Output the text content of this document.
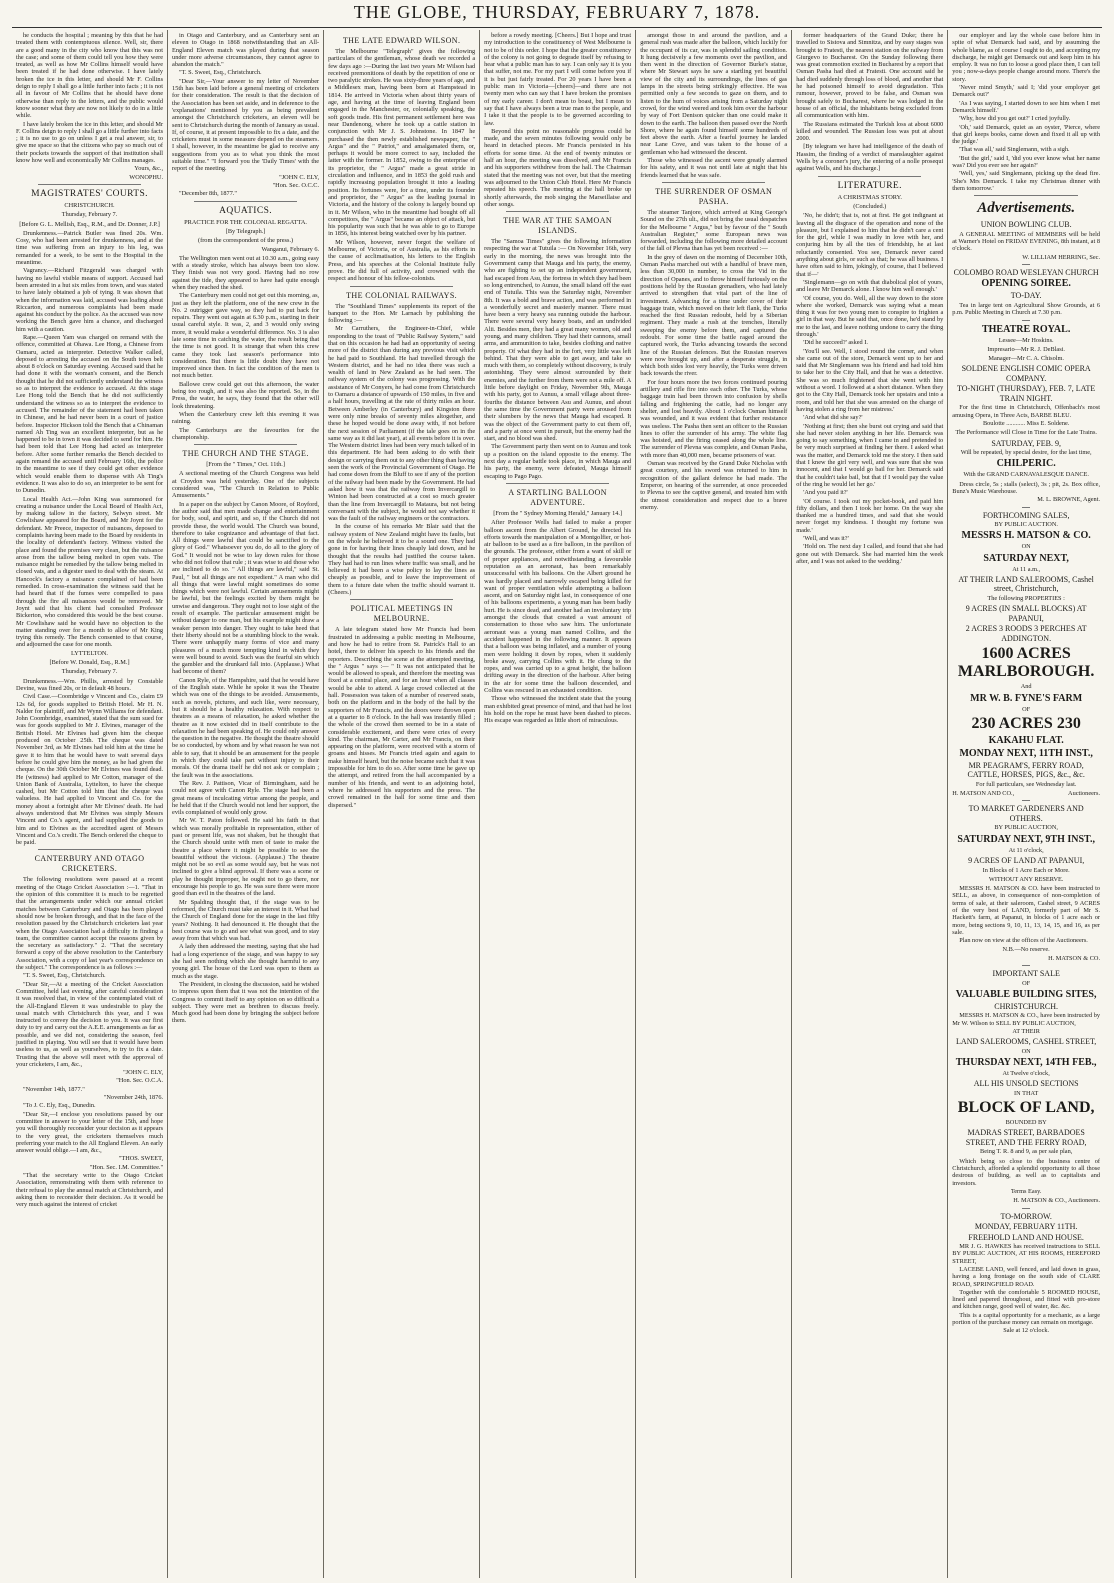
THE GLOBE, THURSDAY, FEBRUARY 7, 1878.

he conducts the hospital ; meaning by this that he had treated them with contemptuous silence. Well, sir, there are a good many in the city who know that this was not the case; and some of them could tell you how they were treated, as well as how Mr Collins himself would have been treated if he had done otherwise. I have lately broken the ice in this letter, and should Mr F. Collins deign to reply I shall go a little further into facts ; it is not all in favour of Mr Collins that he should have done otherwise than reply to the letters, and the public would know sooner what they are now not likely to do in a little while.

I have lately broken the ice in this letter, and should Mr F. Collins deign to reply I shall go a little further into facts ; it is no use to go on unless I get a real answer, sir, to give me space so that the citizens who pay so much out of their pockets towards the support of that institution shall know how well and economically Mr Collins manages.

Yours, &c.,

WONOPHU.

MAGISTRATES' COURTS.
CHRISTCHURCH.
Thursday, February 7.
[Before G. L. Mellish, Esq., R.M., and Dr. Donner, J.P.]

Drunkenness.—Patrick Butler was fined 20s. Wm. Cosy, who had been arrested for drunkenness, and at the time was suffering from an injury to his leg, was remanded for a week, to be sent to the Hospital in the meantime.

Vagrancy.—Richard Fitzgerald was charged with having no lawful visible means of support. Accused had been arrested in a hut six miles from town, and was stated to have lately obtained a job of tying. It was shown that when the information was laid, accused was loafing about Riccarton, and numerous complaints had been made against his conduct by the police. As the accused was now working the Bench gave him a chance, and discharged him with a caution.

Rape.—Queen Yam was charged on remand with the offence, committed at Ohawa. Lee Hong, a Chinese from Oamaru, acted as interpreter. Detective Walker called, deposed to arresting the accused on the South town belt about 8 o'clock on Saturday evening. Accused said that he had done it with the woman's consent, and the Bench thought that he did not sufficiently understand the witness so as to interpret the evidence to accused. At this stage Lee Hong told the Bench that he did not sufficiently understand the witness so as to interpret the evidence to accused. The remainder of the statement had been taken in Chinese, and he had never been in a court of justice before. Inspector Hickson told the Bench that a Chinaman named Ah Ting was an excellent interpreter, but as he happened to be in town it was decided to send for him. He had been told that Lee Hong had acted as interpreter before. After some further remarks the Bench decided to again remand the accused until February 16th, the police in the meantime to see if they could get other evidence which would enable them to dispense with Ah Ting's evidence. It was also to do so, an interpreter to be sent for to Dunedin.

Local Health Act.—John King was summoned for creating a nuisance under the Local Board of Health Act, by making tallow in the factory, Selwyn street. Mr Cowlishaw appeared for the Board, and Mr Joynt for the defendant. Mr Preece, inspector of nuisances, deposed to complaints having been made to the Board by residents in the locality of defendant's factory. Witness visited the place and found the premises very clean, but the nuisance arose from the tallow being melted in open vats. The nuisance might be remedied by the tallow being melted in closed vats, and a digester used to deal with the steam. At Hancock's factory a nuisance complained of had been remedied. In cross-examination the witness said that he had heard that if the fumes were compelled to pass through the fire all nuisances would be removed. Mr Joynt said that his client had consulted Professor Bickerton, who considered this would be the best course. Mr Cowlishaw said he would have no objection to the matter standing over for a month to allow of Mr King trying this remedy. The Bench consented to that course, and adjourned the case for one month.

LYTTELTON.
[Before W. Donald, Esq., R.M.]
Thursday, February 7.

Drunkenness.—Wm. Phillis, arrested by Constable Devine, was fined 20s, or in default 48 hours.

Civil Case.—Coombridge v Vincent and Co., claim £9 12s 6d, for goods supplied to British Hotel. Mr H. N. Nalder for plaintiff, and Mr Wynn Williams for defendant. John Coombridge, examined, stated that the sum sued for was for goods supplied to Mr J. Elvines, manager of the British Hotel. Mr Elvines had given him the cheque produced on October 25th. The cheque was dated November 3rd, as Mr Elvines had told him at the time he gave it to him that he would have to wait several days before he could give him the money, as he had given the cheque. On the 30th October Mr Elvines was found dead. He (witness) had applied to Mr Cotton, manager of the Union Bank of Australia, Lyttelton, to have the cheque cashed, but Mr Cotton told him that the cheque was valueless. He had applied to Vincent and Co. for the money about a fortnight after Mr Elvines' death. He had always understood that Mr Elvines was simply Messrs Vincent and Co.'s agent, and had supplied the goods to him and to Elvines as the accredited agent of Messrs Vincent and Co.'s credit. The Bench ordered the cheque to be paid.

CANTERBURY AND OTAGO CRICKETERS.

The following resolutions were passed at a recent meeting of the Otago Cricket Association :—1. "That in the opinion of this committee it is much to be regretted that the arrangements under which our annual cricket matches between Canterbury and Otago has been played should now be broken through, and that in the face of the resolution passed by the Christchurch cricketers last year when the Otago Association had a difficulty in finding a team, the committee cannot accept the reasons given by the secretary as satisfactory." 2. "That the secretary forward a copy of the above resolution to the Canterbury Association, with a copy of last year's correspondence on the subject." The correspondence is as follows :—

"T. S. Sweet, Esq., Christchurch.

"Dear Sir,—At a meeting of the Cricket Association Committee, held last evening, after careful consideration it was resolved that, in view of the contemplated visit of the All-England Eleven it was undesirable to play the usual match with Christchurch this year, and I was instructed to convey the decision to you. It was our first duty to try and carry out the A.E.E. arrangements as far as possible, and we did not, considering the season, feel justified in playing. You will see that it would have been useless to us, as well as yourselves, to try to fix a date. Trusting that the above will meet with the approval of your cricketers, I am, &c.,

"JOHN C. ELY,

"Hon. Sec. O.C.A.

"November 14th, 1877."

"November 24th, 1876.

"To J. C. Ely, Esq., Dunedin.

"Dear Sir,—I enclose you resolutions passed by our committee in answer to your letter of the 15th, and hope you will thoroughly reconsider your decision as it appears to the very great, the cricketers themselves much preferring your match to the All England Eleven. An early answer would oblige.—I am, &c.,

"THOS. SWEET,

"Hon. Sec. I.M. Committee."

"That the secretary write to the Otago Cricket Association, remonstrating with them with reference to their refusal to play the annual match at Christchurch, and asking them to reconsider their decision. As it would be very much against the interest of cricket

in Otago and Canterbury, and as Canterbury sent an eleven to Otago in 1868 notwithstanding that an All-England Eleven match was played during that season under more adverse circumstances, they cannot agree to abandon the match."

"T. S. Sweet, Esq., Christchurch.

"Dear Sir,—Your answer to my letter of November 15th has been laid before a general meeting of cricketers for their consideration. The result is that the decision of the Association has been set aside, and in deference to the 'explanations' mentioned by you as being prevalent amongst the Christchurch cricketers, an eleven will be sent to Christchurch during the month of January as usual. If, of course, it at present impossible to fix a date, and the cricketers must in some measure depend on the steamers. I shall, however, in the meantime be glad to receive any suggestions from you as to what you think the most suitable time." "I forward you the 'Daily Times' with the report of the meeting.

"JOHN C. ELY,

"Hon. Sec. O.C.C.

"December 8th, 1877."

AQUATICS.
PRACTICE FOR THE COLONIAL REGATTA.
[By Telegraph.]
(from the correspondent of the press.)

Wanganui, February 6.

The Wellington men went out at 10.30 a.m., going easy with a steady stroke, which has always been too slow. They finish was not very good. Having had no row against the tide, they appeared to have had quite enough when they reached the shed.

The Canterbury men could not get out this morning, as, just as they left the platform, one of the new crew in the No. 2 outrigger gave way, so they had to put back for repairs. They went out again at 6.30 p.m., starting in their usual careful style. It was, 2, and 3 would only swing more, it would make a wonderful difference. No. 3 is also late some time in catching the water, the result being that the time is not good. It is strange that when this crew came they took last season's performance into consideration. But there is little doubt they have not improved since then. In fact the condition of the men is not much better.

Ballowe crew could get out this afternoon, the water being too rough, and it was also the reported. So, in the Press, the water, he says, they found that the other will look threatening.

When the Canterbury crew left this evening it was raining.

The Canterburys are the favourites for the championship.

THE CHURCH AND THE STAGE.
[From the " Times," Oct. 11th.]

A sectional meeting of the Church Congress was held at Croydon was held yesterday. One of the subjects considered was, "The Church in Relation to Public Amusements."

In a paper on the subject by Canon Moore, of Royford, the author said that men made change and entertainment for body, soul, and spirit, and so, if the Church did not provide these, the world would. The Church was bound, therefore to take cognizance and advantage of that fact. All things were lawful that could be sanctified to the glory of God." Whatsoever you do, do all to the glory of God." It would not be wise to lay down rules for those who did not follow that rule ; it was wise to aid those who are inclined to do so. " All things are lawful," said St. Paul, " but all things are not expedient." A man who did all things that were lawful might sometimes do some things which were not lawful. Certain amusements might be lawful, but the feelings excited by them might be unwise and dangerous. They ought not to lose sight of the result of example. The particular amusement might be without danger to one man, but his example might draw a weaker person into danger. They ought to take heed that their liberty should not be a stumbling block to the weak. There were unhappily many forms of vice and many pleasures of a much more tempting kind in which they were well bound to avoid. Such was the fearful sin which the gambler and the drunkard fall into. (Applause.) What had become of them?

Canon Ryle, of the Hampshire, said that he would have of the English state. While he spoke it was the Theatre which was one of the things to be avoided. Amusements, such as novels, pictures, and such like, were necessary, but it should be a healthy relaxation. With respect to theatres as a means of relaxation, he asked whether the theatre as it now existed did in itself contribute to the relaxation he had been speaking of. He could only answer the question in the negative. He thought the theatre should be so conducted, by whom and by what reason he was not able to say, that it should be an amusement for the people in which they could take part without injury to their morals. Of the drama itself he did not ask or complain ; the fault was in the associations.

The Rev. J. Pattison, Vicar of Birmingham, said he could not agree with Canon Ryle. The stage had been a great means of inculcating virtue among the people, and he held that if the Church would not lend her support, the evils complained of would only grow.

Mr W. T. Paton followed. He said his faith in that which was morally profitable in representation, either of past or present life, was not shaken, but he thought that the Church should unite with men of taste to make the theatre a place where it might be possible to see the beautiful without the vicious. (Applause.) The theatre might not be so evil as some would say, but he was not inclined to give a blind approval. If there was a scene or play he thought improper, he ought not to go there, nor encourage his people to go. He was sure there were more good than evil in the theatres of the land.

Mr Spalding thought that, if the stage was to be reformed, the Church must take an interest in it. What had the Church of England done for the stage in the last fifty years? Nothing. It had denounced it. He thought that the best course was to go and see what was good, and to stay away from that which was bad.

A lady then addressed the meeting, saying that she had had a long experience of the stage, and was happy to say she had seen nothing which she thought harmful to any young girl. The house of the Lord was open to them as much as the stage.

The President, in closing the discussion, said he wished to impress upon them that it was not the intention of the Congress to commit itself to any opinion on so difficult a subject. They were met as brethren to discuss freely. Much good had been done by bringing the subject before them.

THE LATE EDWARD WILSON.

The Melbourne "Telegraph" gives the following particulars of the gentleman, whose death we recorded a few days ago :—During the last two years Mr Wilson had received premonitions of death by the repetition of one or two paralytic strokes. He was sixty-three years of age, and a Middlesex man, having been born at Hampstead in 1814. He arrived in Victoria when about thirty years of age, and having at the time of leaving England been engaged in the Manchester, or, colonially speaking, the soft goods trade. His first permanent settlement here was near Dandenong, where he took up a cattle station in conjunction with Mr J. S. Johnstone. In 1847 he purchased the then newly established newspaper, the " Argus" and the " Patriot," and amalgamated them, or, perhaps it would be more correct to say, included the latter with the former. In 1852, owing to the enterprise of its proprietor, the " Argus" made a great stride in circulation and influence, and in 1853 the gold rush and rapidly increasing population brought it into a leading position. Its fortunes were, for a time, under its founder and proprietor, the " Argus" as the leading journal in Victoria, and the history of the colony is largely bound up in it. Mr Wilson, who in the meantime had bought off all competitors, the " Argus" became an object of attack, but his popularity was such that he was able to go to Europe in 1856, his interest being watched over by his partner.

Mr Wilson, however, never forgot the welfare of Melbourne, of Victoria, or of Australia, as his efforts in the cause of acclimatisation, his letters to the English Press, and his speeches at the Colonial Institute fully prove. He did full of activity, and crowned with the respect and honour of his fellow-colonists.

THE COLONIAL RAILWAYS.

The "Southland Times" supplements its report of the banquet to the Hon. Mr Larnach by publishing the following :—

Mr Carruthers, the Engineer-in-Chief, while responding to the toast of "Public Railway System," said that on this occasion he had had an opportunity of seeing more of the district than during any previous visit which he had paid to Southland. He had travelled through the Western district, and he had no idea there was such a wealth of land in New Zealand as he had seen. The railway system of the colony was progressing. With the assistance of Mr Conyers, he had come from Christchurch to Oamaru a distance of upwards of 150 miles, in five and a half hours, travelling at the rate of thirty miles an hour. Between Amberley (in Canterbury) and Kingston there were only nine breaks of seventy miles altogether, and these he hoped would be done away with, if not before the next session of Parliament (if the tale goes on in the same way as it did last year), at all events before it is over. The Western district lines had been very much talked of in this department. He had been asking to do with their design or carrying them out to any other thing than having seen the work of the Provincial Government of Otago. He had come down from the Bluff to see if any of the portion of the railway had been made by the Government. He had asked how it was that the railway from Invercargill to Winton had been constructed at a cost so much greater than the line from Invercargill to Mataura, but not being conversant with the subject, he would not say whether it was the fault of the railway engineers or the contractors.

In the course of his remarks Mr Blair said that the railway system of New Zealand might have its faults, but on the whole he believed it to be a sound one. They had gone in for having their lines cheaply laid down, and he thought that the results had justified the course taken. They had had to run lines where traffic was small, and he believed it had been a wise policy to lay the lines as cheaply as possible, and to leave the improvement of them to a future date when the traffic should warrant it. (Cheers.)

POLITICAL MEETINGS IN MELBOURNE.

A late telegram stated how Mr Francis had been frustrated in addressing a public meeting in Melbourne, and how he had to retire from St. Patrick's Hall to an hotel, there to deliver his speech to his friends and the reporters. Describing the scene at the attempted meeting, the " Argus " says :— " It was not anticipated that he would be allowed to speak, and therefore the meeting was fixed at a central place, and for an hour when all classes would be able to attend. A large crowd collected at the hall. Possession was taken of a number of reserved seats, both on the platform and in the body of the hall by the supporters of Mr Francis, and the doors were thrown open at a quarter to 8 o'clock. In the hall was instantly filled ; the whole of the crowd then seemed to be in a state of considerable excitement, and there were cries of every kind. The chairman, Mr Carter, and Mr Francis, on their appearing on the platform, were received with a storm of groans and hisses. Mr Francis tried again and again to make himself heard, but the noise became such that it was impossible for him to do so. After some time he gave up the attempt, and retired from the hall accompanied by a number of his friends, and went to an adjoining hotel, where he addressed his supporters and the press. The crowd remained in the hall for some time and then dispersed."

before a rowdy meeting. [Cheers.] But I hope and trust my introduction to the constituency of West Melbourne is not to be of this order. I hope that the greater constituency of the colony is not going to degrade itself by refusing to hear what a public man has to say. I can only say it is you that suffer, not me. For my part I will come before you if it is but just fairly treated. For 20 years I have been a public man in Victoria—[cheers]—and there are not twenty men who can say that I have broken the promises of my early career. I don't mean to boast, but I mean to say that I have always been a true man to the people, and I take it that the people is to be governed according to law.

Beyond this point no reasonable progress could be made, and the seven minutes following would only be heard in detached pieces. Mr Francis persisted in his efforts for some time. At the end of twenty minutes or half an hour, the meeting was dissolved, and Mr Francis and his supporters withdrew from the hall. The Chairman stated that the meeting was not over, but that the meeting was adjourned to the Union Club Hotel. Here Mr Francis repeated his speech. The meeting at the hall broke up shortly afterwards, the mob singing the Marseillaise and other songs.

THE WAR AT THE SAMOAN ISLANDS.

The "Samoa Times" gives the following information respecting the war at Tutuila :— On November 16th, very early in the morning, the news was brought into the Government camp that Mauga and his party, the enemy, who are fighting to set up an independent government, had escaped from Asu, the fortress in which they had been so long entrenched, to Aunuu, the small island off the east end of Tutuila. This was the Saturday night, November 8th. It was a bold and brave action, and was performed in a wonderfully secret and masterly manner. There must have been a very heavy sea running outside the harbour. There were several very heavy boats, and an undivided Alii. Besides men, they had a great many women, old and young, and many children. They had their cannons, small arms, and ammunition to take, besides clothing and native property. Of what they had in the fort, very little was left behind. That they were able to get away, and take so much with them, so completely without discovery, is truly astonishing. They were almost surrounded by their enemies, and the further from them were not a mile off. A little before daylight on Friday, November 9th, Mauga with his party, got to Aunuu, a small village about three-fourths the distance between Asu and Aunuu, and about the same time the Government party were aroused from their slumbers by the news that Mauga had escaped. It was the object of the Government party to cut them off, and a party at once went in pursuit, but the enemy had the start, and no blood was shed.

The Government party then went on to Aunuu and took up a position on the island opposite to the enemy. The next day a regular battle took place, in which Mauga and his party, the enemy, were defeated, Mauga himself escaping to Pago Pago.

A STARTLING BALLOON ADVENTURE.
[From the " Sydney Morning Herald," January 14.]

After Professor Wells had failed to make a proper balloon ascent from the Albert Ground, he directed his efforts towards the manipulation of a Montgolfier, or hot-air balloon to be used as a fire balloon, in the pavilion of the grounds. The professor, either from a want of skill or of proper appliances, and notwithstanding a favourable reputation as an aeronaut, has been remarkably unsuccessful with his balloons. On the Albert ground he was hardly placed and narrowly escaped being killed for want of proper ventilation while attempting a balloon ascent, and on Saturday night last, in consequence of one of his balloons experiments, a young man has been badly hurt. He is since dead, and another had an involuntary trip amongst the clouds that created a vast amount of consternation to those who saw him. The unfortunate aeronaut was a young man named Collins, and the accident happened in the following manner. It appears that a balloon was being inflated, and a number of young men were holding it down by ropes, when it suddenly broke away, carrying Collins with it. He clung to the ropes, and was carried up to a great height, the balloon drifting away in the direction of the harbour. After being in the air for some time the balloon descended, and Collins was rescued in an exhausted condition.

Those who witnessed the incident state that the young man exhibited great presence of mind, and that had he lost his hold on the rope he must have been dashed to pieces. His escape was regarded as little short of miraculous.

amongst those in and around the pavilion, and a general rush was made after the balloon, which luckily for the occupant of its car, was in splendid sailing condition. It hung decisively a few moments over the pavilion, and then went in the direction of Governor Burke's statue, where Mr Stewart says he saw a startling yet beautiful view of the city and its surroundings, the lines of gas lamps in the streets being strikingly effective. He was permitted only a few seconds to gaze on them, and to listen to the hum of voices arising from a Saturday night crowd, for the wind veered and took him over the harbour by way of Fort Denison quicker than one could make it down to the earth. The balloon then passed over the North Shore, where he again found himself some hundreds of feet above the earth. After a fearful journey he landed near Lane Cove, and was taken to the house of a gentleman who had witnessed the descent.

Those who witnessed the ascent were greatly alarmed for his safety, and it was not until late at night that his friends learned that he was safe.

THE SURRENDER OF OSMAN PASHA.

The steamer Tanjore, which arrived at King George's Sound on the 27th ult., did not bring the usual despatches for the Melbourne " Argus," but by favour of the " South Australian Register," some European news was forwarded, including the following more detailed account of the fall of Plevna than has yet been received :—

In the grey of dawn on the morning of December 10th, Osman Pasha marched out with a handful of brave men, less than 30,000 in number, to cross the Vid in the direction of Opanes, and to throw himself furiously on the positions held by the Russian grenadiers, who had lately arrived to strengthen that vital part of the line of investment. Advancing for a time under cover of their baggage train, which moved on their left flank, the Turks reached the first Russian redoubt, held by a Siberian regiment. They made a rush at the trenches, literally sweeping the enemy before them, and captured the redoubt. For some time the battle raged around the captured work, the Turks advancing towards the second line of the Russian defences. But the Russian reserves were now brought up, and after a desperate struggle, in which both sides lost very heavily, the Turks were driven back towards the river.

For four hours more the two forces continued pouring artillery and rifle fire into each other. The Turks, whose baggage train had been thrown into confusion by shells falling and frightening the cattle, had no longer any shelter, and lost heavily. About 1 o'clock Osman himself was wounded, and it was evident that further resistance was useless. The Pasha then sent an officer to the Russian lines to offer the surrender of his army. The white flag was hoisted, and the firing ceased along the whole line. The surrender of Plevna was complete, and Osman Pasha, with more than 40,000 men, became prisoners of war.

Osman was received by the Grand Duke Nicholas with great courtesy, and his sword was returned to him in recognition of the gallant defence he had made. The Emperor, on hearing of the surrender, at once proceeded to Plevna to see the captive general, and treated him with the utmost consideration and respect due to a brave enemy.

former headquarters of the Grand Duke; there he travelled to Sistova and Simnitza, and by easy stages was brought to Fratesti, the nearest station on the railway from Giurgevo to Bucharest. On the Sunday following there was great commotion excited in Bucharest by a report that Osman Pasha had died at Fratesti. One account said he had died suddenly through loss of blood, and another that he had poisoned himself to avoid degradation. This rumour, however, proved to be false, and Osman was brought safely to Bucharest, where he was lodged in the house of an official, the inhabitants being excluded from all communication with him.

The Russians estimated the Turkish loss at about 6000 killed and wounded. The Russian loss was put at about 2000.

[By telegram we have had intelligence of the death of Hassim, the finding of a verdict of manslaughter against Wells by a coroner's jury, the entering of a nolle prosequi against Wells, and his discharge.]

LITERATURE.
A CHRISTMAS STORY.
(Concluded.)

'No, he didn't; that is, not at first. He got indignant at leaving all the disgrace of the operation and none of the pleasure, but I explained to him that he didn't care a cent for the girl, while I was madly in love with her, and conjuring him by all the ties of friendship, he at last reluctantly consented. You see, Demarck never cared anything about girls, or such as that; he was all business. I have often said to him, jokingly, of course, that I believed that if—'

'Singlemann—go on with that diabolical plot of yours, and leave Mr Demarck alone. I know him well enough.'

'Of course, you do. Well, all the way down to the store where she worked, Demarck was saying what a mean thing it was for two young men to conspire to frighten a girl in that way. But he said that, once done, he'd stand by me to the last, and leave nothing undone to carry the thing through.'

'Did he succeed?' asked I.

'You'll see. Well, I stood round the corner, and when she came out of the store, Demarck went up to her and said that Mr Singlemann was his friend and had told him to take her to the City Hall, and that he was a detective. She was so much frightened that she went with him without a word. I followed at a short distance. When they got to the City Hall, Demarck took her upstairs and into a room, and told her that she was arrested on the charge of having stolen a ring from her mistress.'

'And what did she say?'

'Nothing at first; then she burst out crying and said that she had never stolen anything in her life. Demarck was going to say something, when I came in and pretended to be very much surprised at finding her there. I asked what was the matter, and Demarck told me the story. I then said that I knew the girl very well, and was sure that she was innocent, and that I would go bail for her. Demarck said that he couldn't take bail, but that if I would pay the value of the ring he would let her go.'

'And you paid it?'

'Of course. I took out my pocket-book, and paid him fifty dollars, and then I took her home. On the way she thanked me a hundred times, and said that she would never forget my kindness. I thought my fortune was made.'

'Well, and was it?'

'Hold on. The next day I called, and found that she had gone out with Demarck. She had married him the week after, and I was not asked to the wedding.'

our employer and lay the whole case before him in spite of what Demarck had said, and by assuming the whole blame, as of course I ought to do, and accepting my discharge, he might get Demarck out and keep him in his employ. It was no fun to loose a good place then, I can tell you ; now-a-days people change around more. There's the story.

'Never mind Smyth,' said I; 'did your employer get Demarck out?'

'As I was saying, I started down to see him when I met Demarck himself.'

'Why, how did you get out?' I cried joyfully.

'Oh,' said Demarck, quiet as an oyster, 'Pierce, where that girl keeps books, came down and fixed it all up with the judge.'

'That was all,' said Singlemann, with a sigh.

'But the girl,' said I, 'did you ever know what her name was? Did you ever see her again?'

'Well, yes,' said Singlemann, picking up the dead fire. 'She's Mrs Demarck. I take my Christmas dinner with them tomorrow.'

Advertisements.
UNION BOWLING CLUB.

A GENERAL MEETING of MEMBERS will be held at Warner's Hotel on FRIDAY EVENING, 8th instant, at 8 o'clock.

W. LILLIAM HERRING, Sec.

COLOMBO ROAD WESLEYAN CHURCH
OPENING SOIREE.
TO-DAY.

Tea in large tent on Agricultural Show Grounds, at 6 p.m. Public Meeting in Church at 7.30 p.m.

THEATRE ROYAL.
Lessee—Mr Hoskins.
Impresario—Mr R. J. DeBlasi.
Manager—Mr C. A. Chisolm.
SOLDENE ENGLISH COMIC OPERA COMPANY.
TO-NIGHT (THURSDAY), FEB. 7, LATE TRAIN NIGHT.

For the first time in Christchurch, Offenbach's most amusing Opera, in Three Acts, BARBE BLEU.

Boulotte ............ Miss E. Soldene.
The Performance will Close in Time for the Late Trains.
SATURDAY, FEB. 9,
Will be repeated, by special desire, for the last time,
CHILPERIC.
With the GRAND CARNAVALESQUE DANCE.

Dress circle, 5s ; stalls (select), 3s ; pit, 2s. Box office, Bunz's Music Warehouse.

M. L. BROWNE, Agent.

FORTHCOMING SALES,
BY PUBLIC AUCTION.
MESSRS H. MATSON & CO.
ON
SATURDAY NEXT,
At 11 a.m.,
AT THEIR LAND SALEROOMS, Cashel street, Christchurch,
The following PROPERTIES :
9 ACRES (IN SMALL BLOCKS) AT PAPANUI,
2 ACRES 3 ROODS 3 PERCHES AT ADDINGTON.
1600 ACRES MARLBOROUGH.
And
MR W. B. FYNE'S FARM
OF
230 ACRES 230
KAKAHU FLAT.
MONDAY NEXT, 11TH INST.,
MR PEAGRAM'S, FERRY ROAD, CATTLE, HORSES, PIGS, &c., &c.
For full particulars, see Wednesday last.
H. MATSON AND CO.,	Auctioneers.
TO MARKET GARDENERS AND OTHERS.
BY PUBLIC AUCTION,
SATURDAY NEXT, 9TH INST.,
At 11 o'clock,
9 ACRES OF LAND AT PAPANUI,
In Blocks of 1 Acre Each or More.
WITHOUT ANY RESERVE.

MESSRS H. MATSON & CO. have been instructed to SELL, as above, in consequence of non-completion of terms of sale, at their saleroom, Cashel street, 9 ACRES of the very best of LAND, formerly part of Mr S. Hackett's farm, at Papanui, in blocks of 1 acre each or more, being sections 9, 10, 11, 13, 14, 15, and 16, as per sale.

Plan now on view at the offices of the Auctioneers.

N.B.—No reserve.

H. MATSON & CO.

IMPORTANT SALE
OF
VALUABLE BUILDING SITES,
CHRISTCHURCH.

MESSRS H. MATSON & CO., have been instructed by Mr W. Wilson to SELL BY PUBLIC AUCTION,

AT THEIR
LAND SALEROOMS, CASHEL STREET,
ON
THURSDAY NEXT, 14TH FEB.,
At Twelve o'clock,
ALL HIS UNSOLD SECTIONS
IN THAT
BLOCK OF LAND,
BOUNDED BY
MADRAS STREET, BARBADOES STREET, AND THE FERRY ROAD,
Being T. R. 8 and 9, as per sale plan,

Which being so close to the business centre of Christchurch, afforded a splendid opportunity to all those desirous of building, as well as to capitalists and investors.

Terms Easy.

H. MATSON & CO., Auctioneers.

TO-MORROW.
MONDAY, FEBRUARY 11TH.
FREEHOLD LAND AND HOUSE.

MR J. G. HAWKES has received instructions to SELL BY PUBLIC AUCTION, AT HIS ROOMS, HEREFORD STREET,

LACEBE LAND, well fenced, and laid down in grass, having a long frontage on the south side of CLARE ROAD, SPRINGFIELD ROAD.

Together with the comfortable 5 ROOMED HOUSE, lined and papered throughout, and fitted with pro-store and kitchen range, good well of water, &c. &c.

This is a capital opportunity for a mechanic, as a large portion of the purchase money can remain on mortgage.

Sale at 12 o'clock.
